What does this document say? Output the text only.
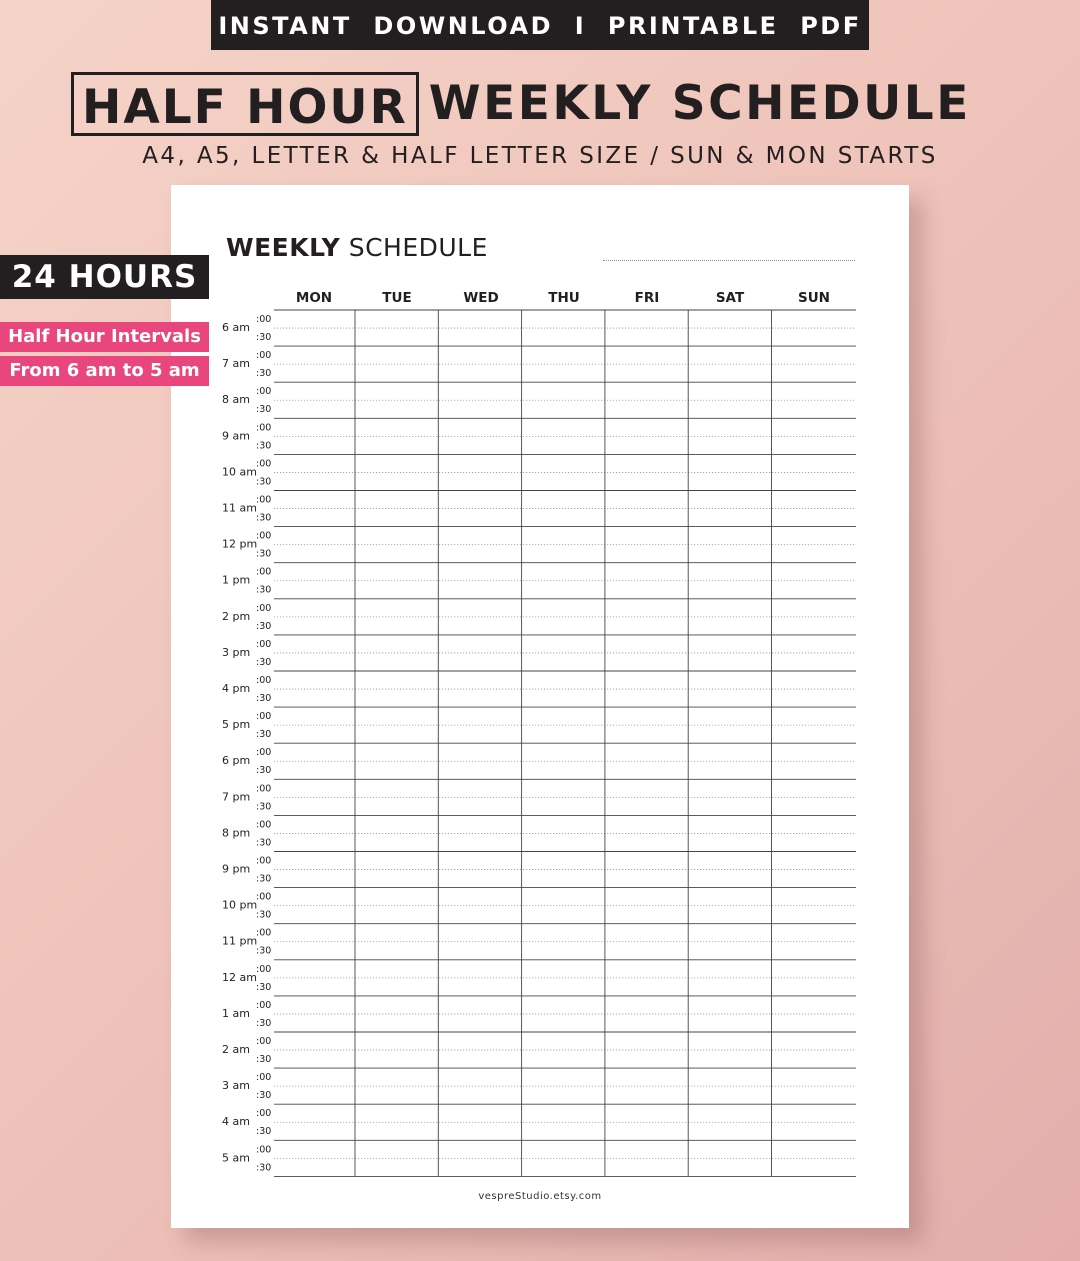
INSTANT  DOWNLOAD  I  PRINTABLE  PDF
HALF HOUR WEEKLY SCHEDULE
A4, A5, LETTER & HALF LETTER SIZE / SUN & MON STARTS
WEEKLY SCHEDULE
MON	TUE	WED	THU	FRI	SAT	SUN
6 am
:00
:30
7 am
:00
:30
8 am
:00
:30
9 am
:00
:30
10 am
:00
:30
11 am
:00
:30
12 pm
:00
:30
1 pm
:00
:30
2 pm
:00
:30
3 pm
:00
:30
4 pm
:00
:30
5 pm
:00
:30
6 pm
:00
:30
7 pm
:00
:30
8 pm
:00
:30
9 pm
:00
:30
10 pm
:00
:30
11 pm
:00
:30
12 am
:00
:30
1 am
:00
:30
2 am
:00
:30
3 am
:00
:30
4 am
:00
:30
5 am
:00
:30
vespreStudio.etsy.com
24 HOURS
Half Hour Intervals
From 6 am to 5 am
